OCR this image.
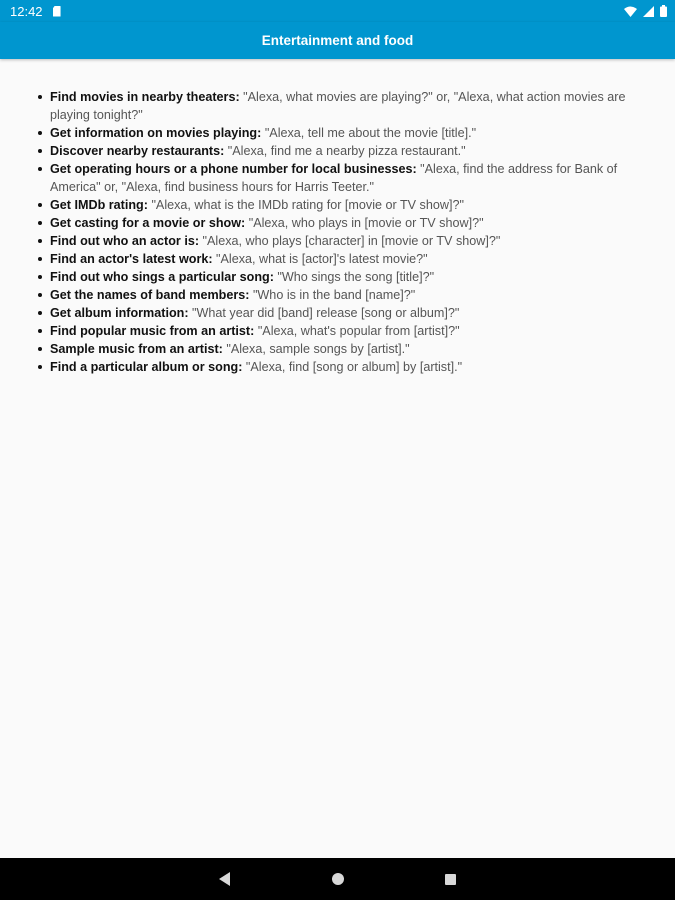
12:42
Entertainment and food
Find movies in nearby theaters: "Alexa, what movies are playing?" or, "Alexa, what action movies are playing tonight?"
Get information on movies playing: "Alexa, tell me about the movie [title]."
Discover nearby restaurants: "Alexa, find me a nearby pizza restaurant."
Get operating hours or a phone number for local businesses: "Alexa, find the address for Bank of America" or, "Alexa, find business hours for Harris Teeter."
Get IMDb rating: "Alexa, what is the IMDb rating for [movie or TV show]?"
Get casting for a movie or show: "Alexa, who plays in [movie or TV show]?"
Find out who an actor is: "Alexa, who plays [character] in [movie or TV show]?"
Find an actor's latest work: "Alexa, what is [actor]'s latest movie?"
Find out who sings a particular song: "Who sings the song [title]?"
Get the names of band members: "Who is in the band [name]?"
Get album information: "What year did [band] release [song or album]?"
Find popular music from an artist: "Alexa, what's popular from [artist]?"
Sample music from an artist: "Alexa, sample songs by [artist]."
Find a particular album or song: "Alexa, find [song or album] by [artist]."
